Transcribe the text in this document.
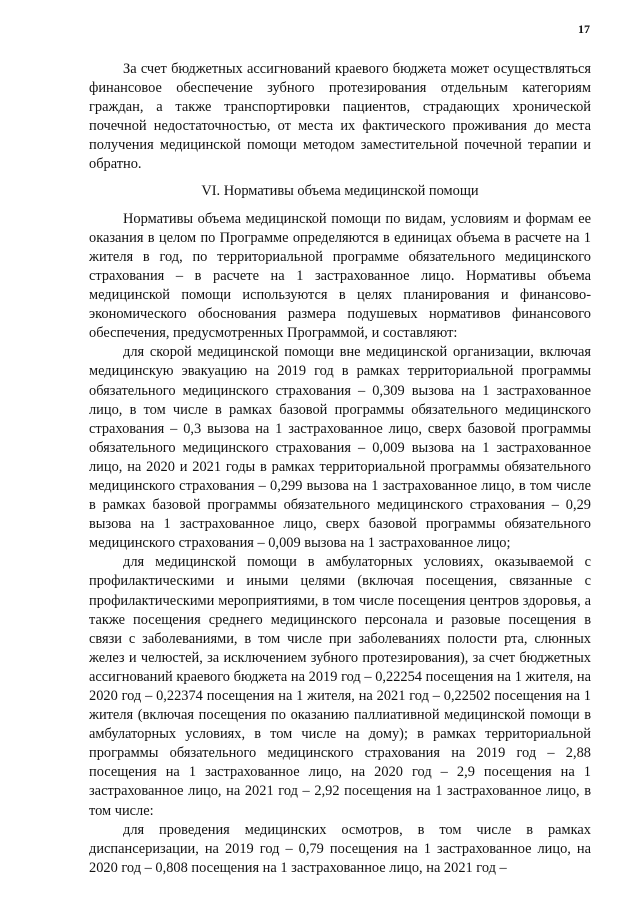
17

За счет бюджетных ассигнований краевого бюджета может осуществляться финансовое обеспечение зубного протезирования отдельным категориям граждан, а также транспортировки пациентов, страдающих хронической почечной недостаточностью, от места их фактического проживания до места получения медицинской помощи методом заместительной почечной терапии и обратно.

VI. Нормативы объема медицинской помощи

Нормативы объема медицинской помощи по видам, условиям и формам ее оказания в целом по Программе определяются в единицах объема в расчете на 1 жителя в год, по территориальной программе обязательного медицинского страхования – в расчете на 1 застрахованное лицо. Нормативы объема медицинской помощи используются в целях планирования и финансово-экономического обоснования размера подушевых нормативов финансового обеспечения, предусмотренных Программой, и составляют:

для скорой медицинской помощи вне медицинской организации, включая медицинскую эвакуацию на 2019 год в рамках территориальной программы обязательного медицинского страхования – 0,309 вызова на 1 застрахованное лицо, в том числе в рамках базовой программы обязательного медицинского страхования – 0,3 вызова на 1 застрахованное лицо, сверх базовой программы обязательного медицинского страхования – 0,009 вызова на 1 застрахованное лицо, на 2020 и 2021 годы в рамках территориальной программы обязательного медицинского страхования – 0,299 вызова на 1 застрахованное лицо, в том числе в рамках базовой программы обязательного медицинского страхования – 0,29 вызова на 1 застрахованное лицо, сверх базовой программы обязательного медицинского страхования – 0,009 вызова на 1 застрахованное лицо;

для медицинской помощи в амбулаторных условиях, оказываемой с профилактическими и иными целями (включая посещения, связанные с профилактическими мероприятиями, в том числе посещения центров здоровья, а также посещения среднего медицинского персонала и разовые посещения в связи с заболеваниями, в том числе при заболеваниях полости рта, слюнных желез и челюстей, за исключением зубного протезирования), за счет бюджетных ассигнований краевого бюджета на 2019 год – 0,22254 посещения на 1 жителя, на 2020 год – 0,22374 посещения на 1 жителя, на 2021 год – 0,22502 посещения на 1 жителя (включая посещения по оказанию паллиативной медицинской помощи в амбулаторных условиях, в том числе на дому); в рамках территориальной программы обязательного медицинского страхования на 2019 год – 2,88 посещения на 1 застрахованное лицо, на 2020 год – 2,9 посещения на 1 застрахованное лицо, на 2021 год – 2,92 посещения на 1 застрахованное лицо, в том числе:

для проведения медицинских осмотров, в том числе в рамках диспансеризации, на 2019 год – 0,79 посещения на 1 застрахованное лицо, на 2020 год – 0,808 посещения на 1 застрахованное лицо, на 2021 год –
